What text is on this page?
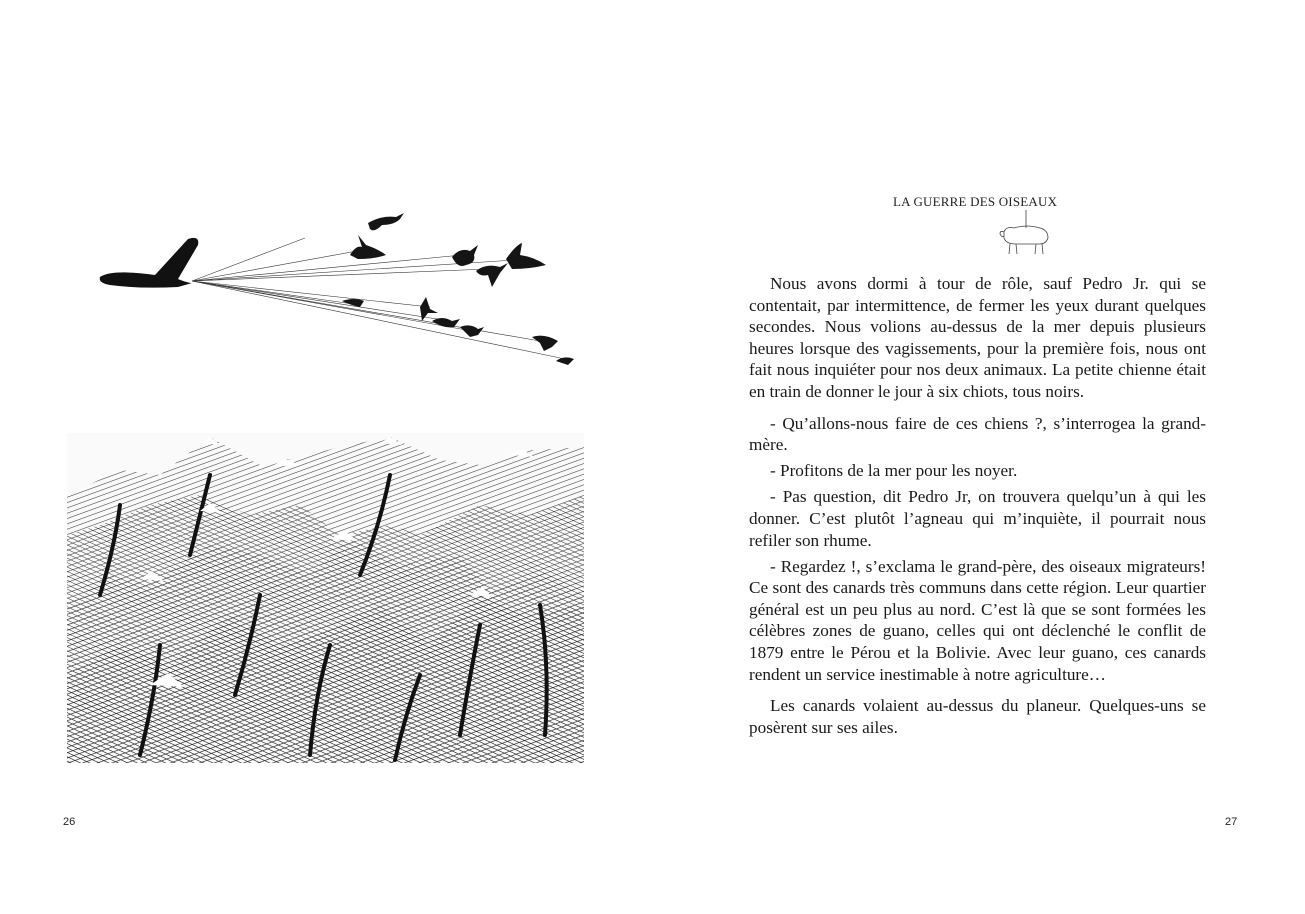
26
LA GUERRE DES OISEAUX

Nous avons dormi à tour de rôle, sauf Pedro Jr. qui se contentait, par intermittence, de fermer les yeux durant quelques secondes. Nous volions au-dessus de la mer depuis plusieurs heures lorsque des vagissements, pour la première fois, nous ont fait nous inquiéter pour nos deux animaux. La petite chienne était en train de donner le jour à six chiots, tous noirs.

- Qu’allons-nous faire de ces chiens ?, s’interrogea la grand-mère.

- Profitons de la mer pour les noyer.

- Pas question, dit Pedro Jr, on trouvera quelqu’un à qui les donner. C’est plutôt l’agneau qui m’inquiète, il pourrait nous refiler son rhume.

- Regardez !, s’exclama le grand-père, des oiseaux migrateurs! Ce sont des canards très communs dans cette région. Leur quartier général est un peu plus au nord. C’est là que se sont formées les célèbres zones de guano, celles qui ont déclenché le conflit de 1879 entre le Pérou et la Bolivie. Avec leur guano, ces canards rendent un service inestimable à notre agriculture…

Les canards volaient au-dessus du planeur. Quelques-uns se posèrent sur ses ailes.

27
